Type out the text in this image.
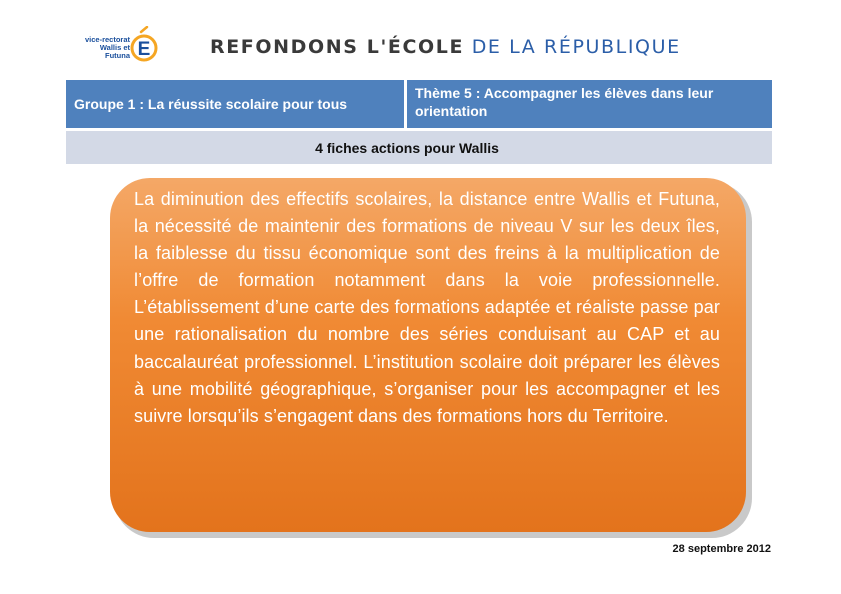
vice-rectorat
Wallis et Futuna E	REFONDONS L'ÉCOLE DE LA RÉPUBLIQUE
Groupe 1 : La réussite scolaire pour tous
Thème 5 : Accompagner les élèves dans leur orientation
4 fiches actions pour Wallis
La diminution des effectifs scolaires, la distance entre Wallis et Futuna, la nécessité de maintenir des formations de niveau V sur les deux îles, la faiblesse du tissu économique sont des freins à la multiplication de l’offre de formation notamment dans la voie professionnelle. L’établissement d’une carte des formations adaptée et réaliste passe par une rationalisation du nombre des séries conduisant au CAP et au baccalauréat professionnel. L’institution scolaire doit préparer les élèves à une mobilité géographique, s’organiser pour les accompagner et les suivre lorsqu’ils s’engagent dans des formations hors du Territoire.
28 septembre 2012
